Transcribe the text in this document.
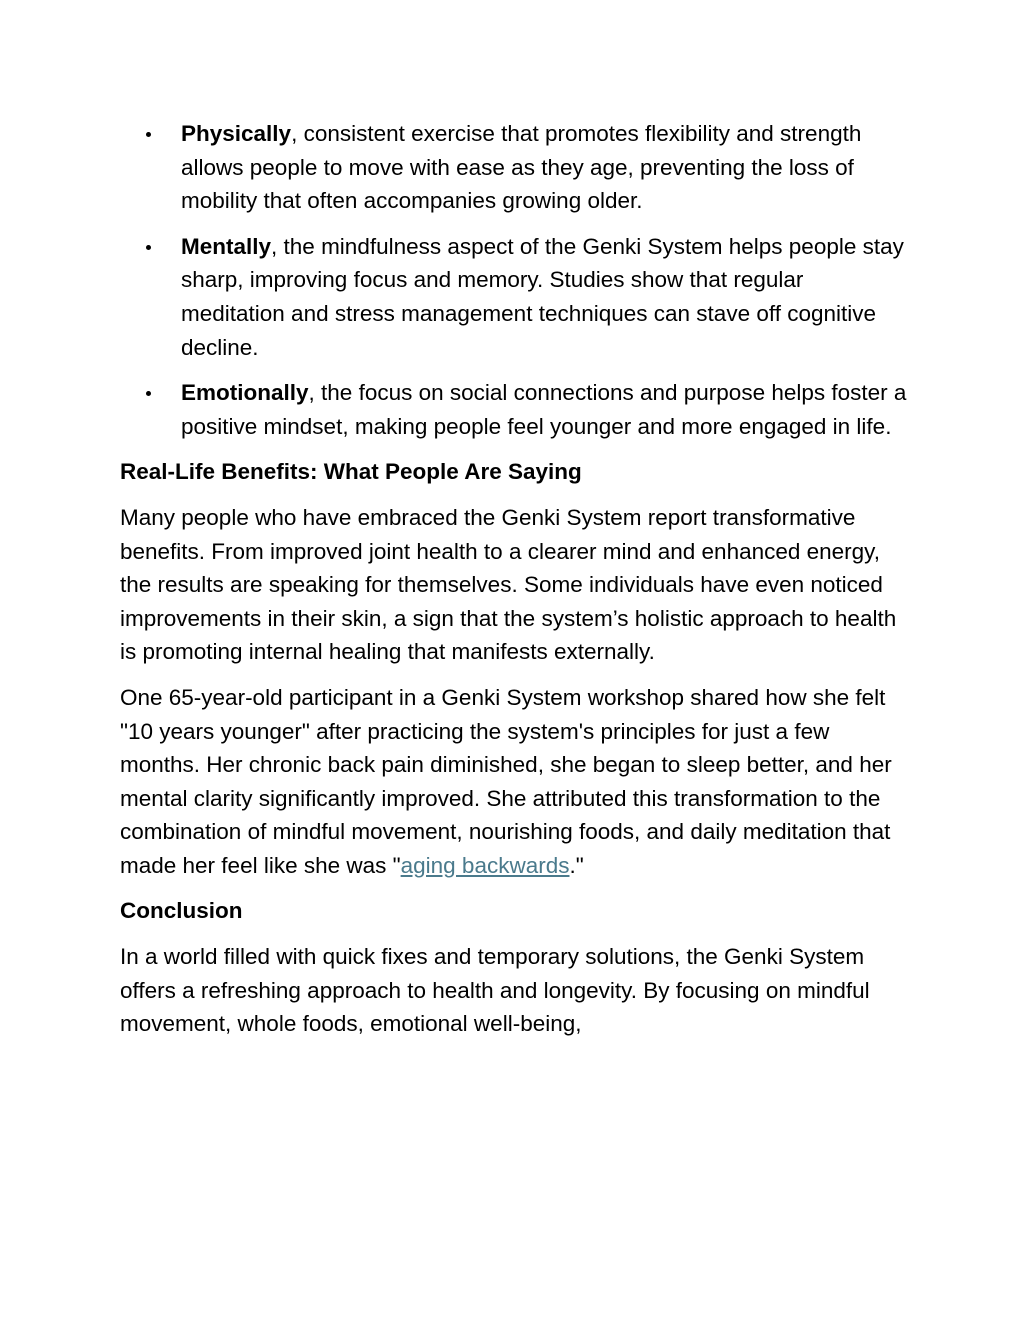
Physically, consistent exercise that promotes flexibility and strength allows people to move with ease as they age, preventing the loss of mobility that often accompanies growing older.
Mentally, the mindfulness aspect of the Genki System helps people stay sharp, improving focus and memory. Studies show that regular meditation and stress management techniques can stave off cognitive decline.
Emotionally, the focus on social connections and purpose helps foster a positive mindset, making people feel younger and more engaged in life.
Real-Life Benefits: What People Are Saying

Many people who have embraced the Genki System report transformative benefits. From improved joint health to a clearer mind and enhanced energy, the results are speaking for themselves. Some individuals have even noticed improvements in their skin, a sign that the system’s holistic approach to health is promoting internal healing that manifests externally.

One 65-year-old participant in a Genki System workshop shared how she felt "10 years younger" after practicing the system's principles for just a few months. Her chronic back pain diminished, she began to sleep better, and her mental clarity significantly improved. She attributed this transformation to the combination of mindful movement, nourishing foods, and daily meditation that made her feel like she was "aging backwards."

Conclusion

In a world filled with quick fixes and temporary solutions, the Genki System offers a refreshing approach to health and longevity. By focusing on mindful movement, whole foods, emotional well-being,
